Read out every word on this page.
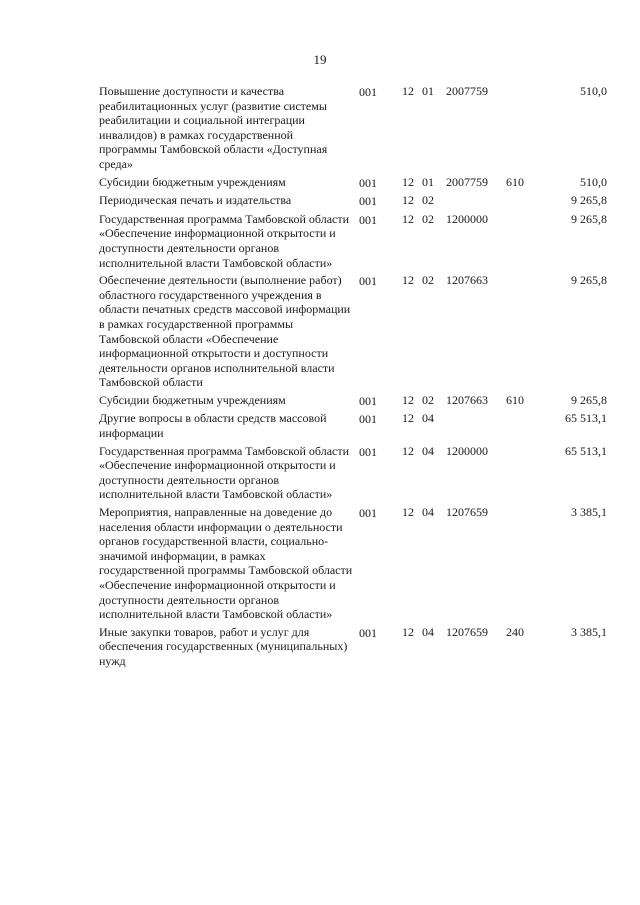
19
Повышение доступности и качества реабилитационных услуг (развитие системы реабилитации и социальной интеграции инвалидов) в рамках государственной программы Тамбовской области «Доступная среда»	001	12	01	2007759		510,0
Субсидии бюджетным учреждениям	001	12	01	2007759	610	510,0
Периодическая печать и издательства	001	12	02			9 265,8
Государственная программа Тамбовской области «Обеспечение информационной открытости и доступности деятельности органов исполнительной власти Тамбовской области»	001	12	02	1200000		9 265,8
Обеспечение деятельности (выполнение работ) областного государственного учреждения в области печатных средств массовой информации в рамках государственной программы Тамбовской области «Обеспечение информационной открытости и доступности деятельности органов исполнительной власти Тамбовской области	001	12	02	1207663		9 265,8
Субсидии бюджетным учреждениям	001	12	02	1207663	610	9 265,8
Другие вопросы в области средств массовой информации	001	12	04			65 513,1
Государственная программа Тамбовской области «Обеспечение информационной открытости и доступности деятельности органов исполнительной власти Тамбовской области»	001	12	04	1200000		65 513,1
Мероприятия, направленные на доведение до населения области информации о деятельности органов государственной власти, социально-значимой информации, в рамках государственной программы Тамбовской области «Обеспечение информационной открытости и доступности деятельности органов исполнительной власти Тамбовской области»	001	12	04	1207659		3 385,1
Иные закупки товаров, работ и услуг для обеспечения государственных (муниципальных) нужд	001	12	04	1207659	240	3 385,1
